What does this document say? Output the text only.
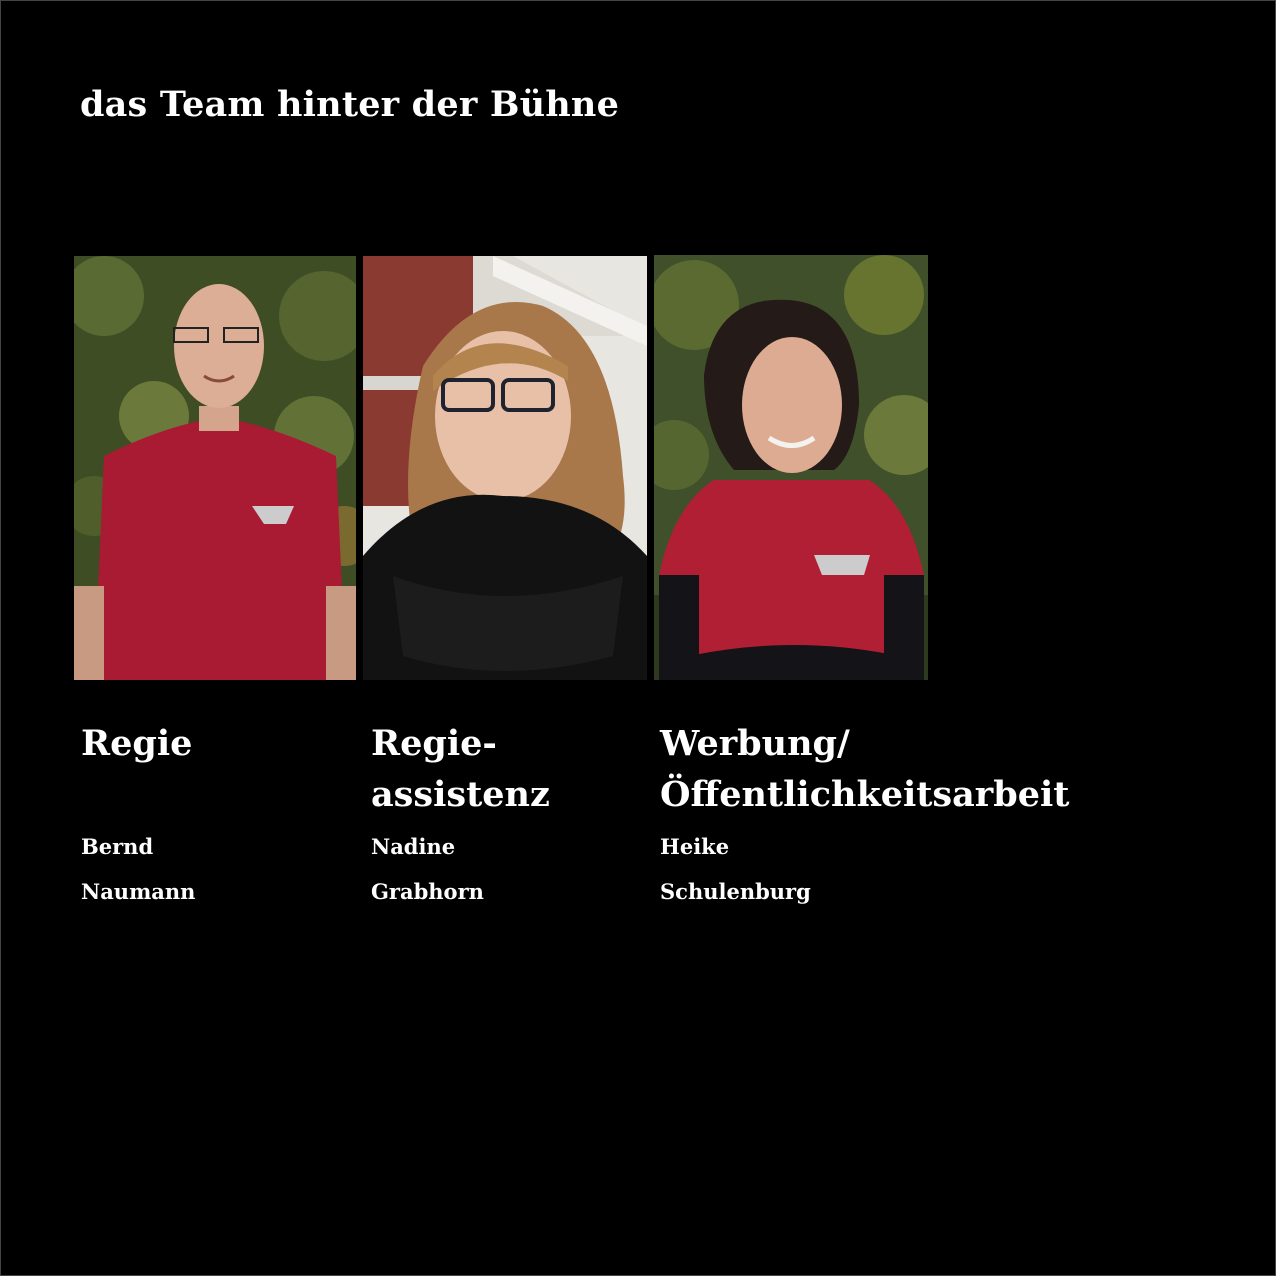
das Team hinter der Bühne
Regie
Bernd
Naumann
Regie-
assistenz
Nadine
Grabhorn
Werbung/
Öffentlichkeitsarbeit
Heike
Schulenburg
